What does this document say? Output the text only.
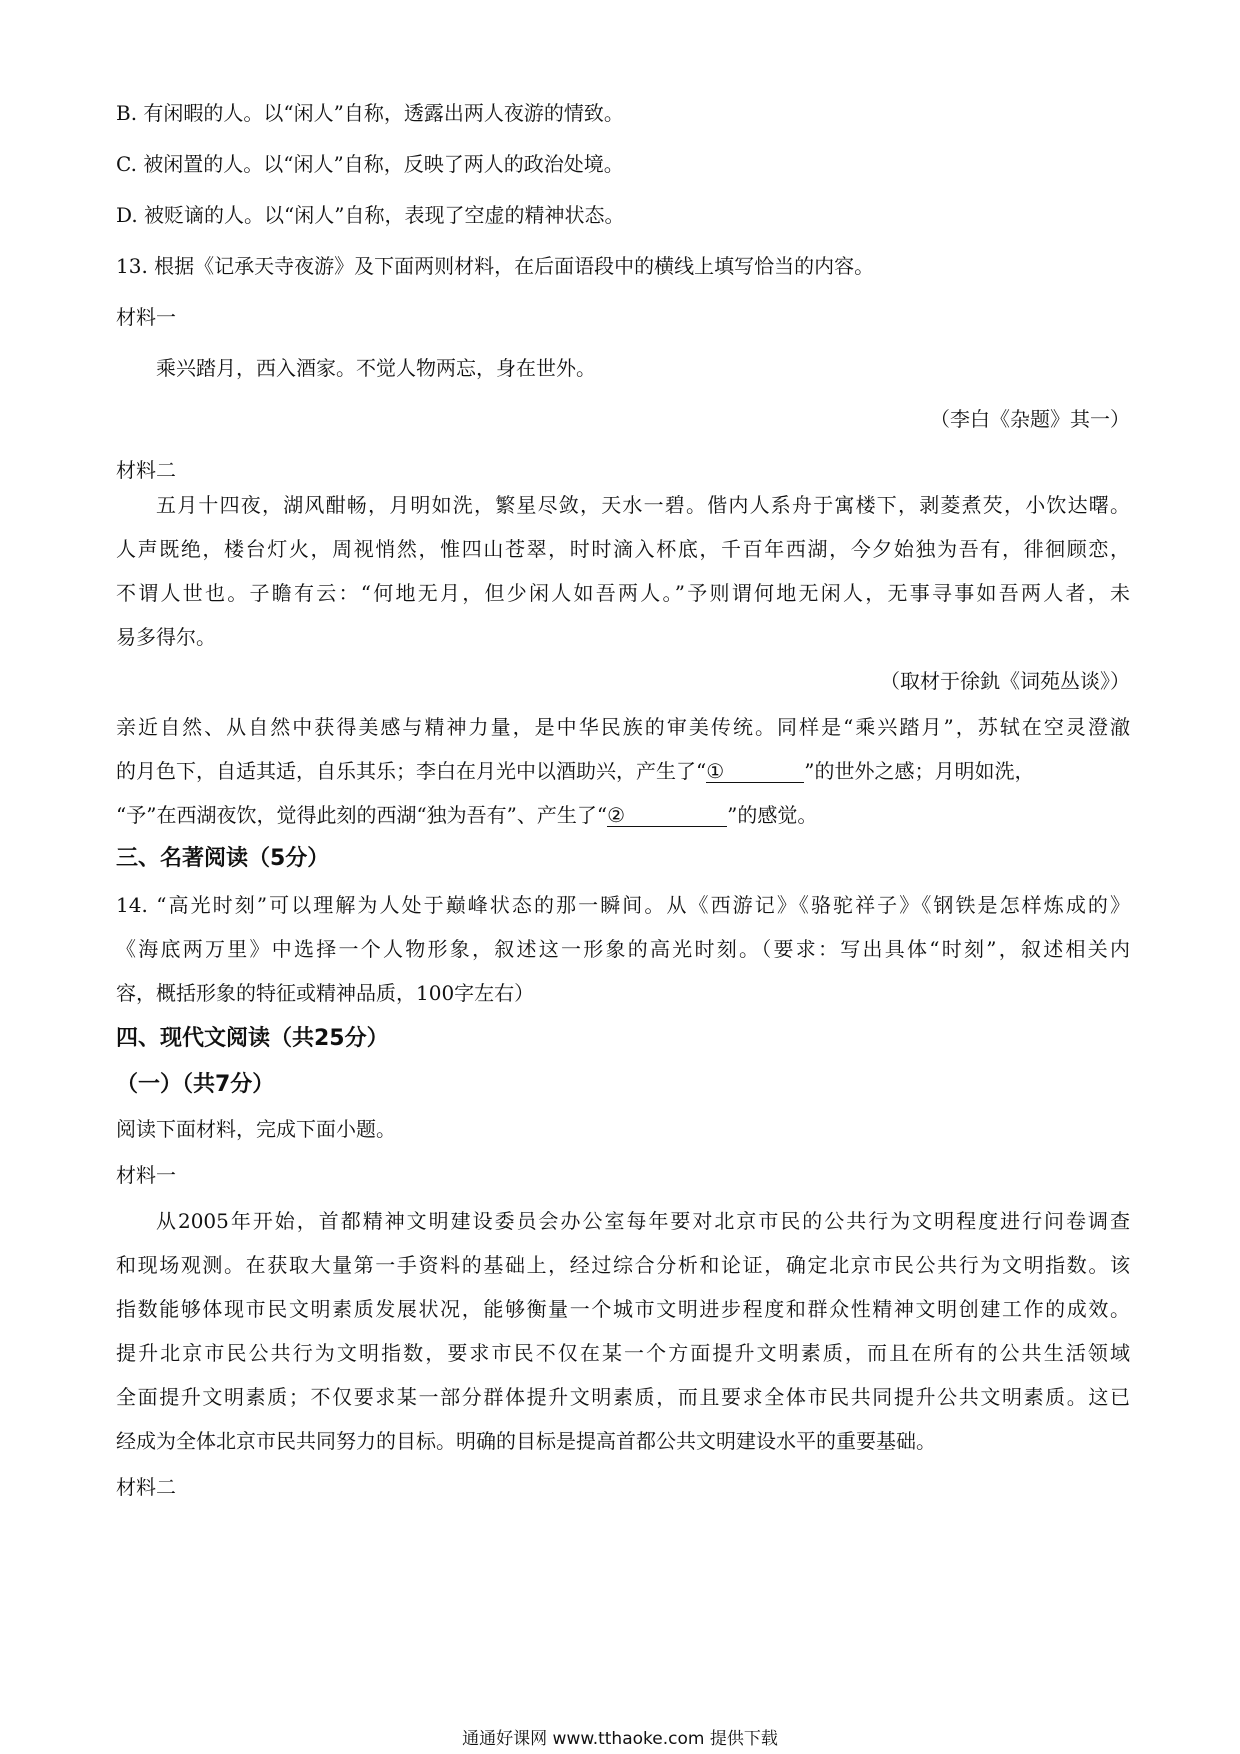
B. 有闲暇的人。以“闲人”自称，透露出两人夜游的情致。
C. 被闲置的人。以“闲人”自称，反映了两人的政治处境。
D. 被贬谪的人。以“闲人”自称，表现了空虚的精神状态。
13. 根据《记承天寺夜游》及下面两则材料，在后面语段中的横线上填写恰当的内容。
材料一
乘兴踏月，西入酒家。不觉人物两忘，身在世外。
（李白《杂题》其一）
材料二
五月十四夜，湖风酣畅，月明如洗，繁星尽敛，天水一碧。偕内人系舟于寓楼下，剥菱煮芡，小饮达曙。
人声既绝，楼台灯火，周视悄然，惟四山苍翠，时时滴入杯底，千百年西湖，今夕始独为吾有，徘徊顾恋，
不谓人世也。子瞻有云：“何地无月，但少闲人如吾两人。”予则谓何地无闲人，无事寻事如吾两人者，未
易多得尔。
（取材于徐釚《词苑丛谈》）
亲近自然、从自然中获得美感与精神力量，是中华民族的审美传统。同样是“乘兴踏月”，苏轼在空灵澄澈
的月色下，自适其适，自乐其乐；李白在月光中以酒助兴，产生了“①	”的世外之感；月明如洗，
“予”在西湖夜饮，觉得此刻的西湖“独为吾有”、产生了“②	”的感觉。
三、名著阅读（5分）
14. “高光时刻”可以理解为人处于巅峰状态的那一瞬间。从《西游记》《骆驼祥子》《钢铁是怎样炼成的》
《海底两万里》中选择一个人物形象，叙述这一形象的高光时刻。（要求：写出具体“时刻”，叙述相关内
容，概括形象的特征或精神品质，100字左右）
四、现代文阅读（共25分）
（一）（共7分）
阅读下面材料，完成下面小题。
材料一
从2005年开始，首都精神文明建设委员会办公室每年要对北京市民的公共行为文明程度进行问卷调查
和现场观测。在获取大量第一手资料的基础上，经过综合分析和论证，确定北京市民公共行为文明指数。该
指数能够体现市民文明素质发展状况，能够衡量一个城市文明进步程度和群众性精神文明创建工作的成效。
提升北京市民公共行为文明指数，要求市民不仅在某一个方面提升文明素质，而且在所有的公共生活领域
全面提升文明素质；不仅要求某一部分群体提升文明素质，而且要求全体市民共同提升公共文明素质。这已
经成为全体北京市民共同努力的目标。明确的目标是提高首都公共文明建设水平的重要基础。
材料二
通通好课网 www.tthaoke.com 提供下载
